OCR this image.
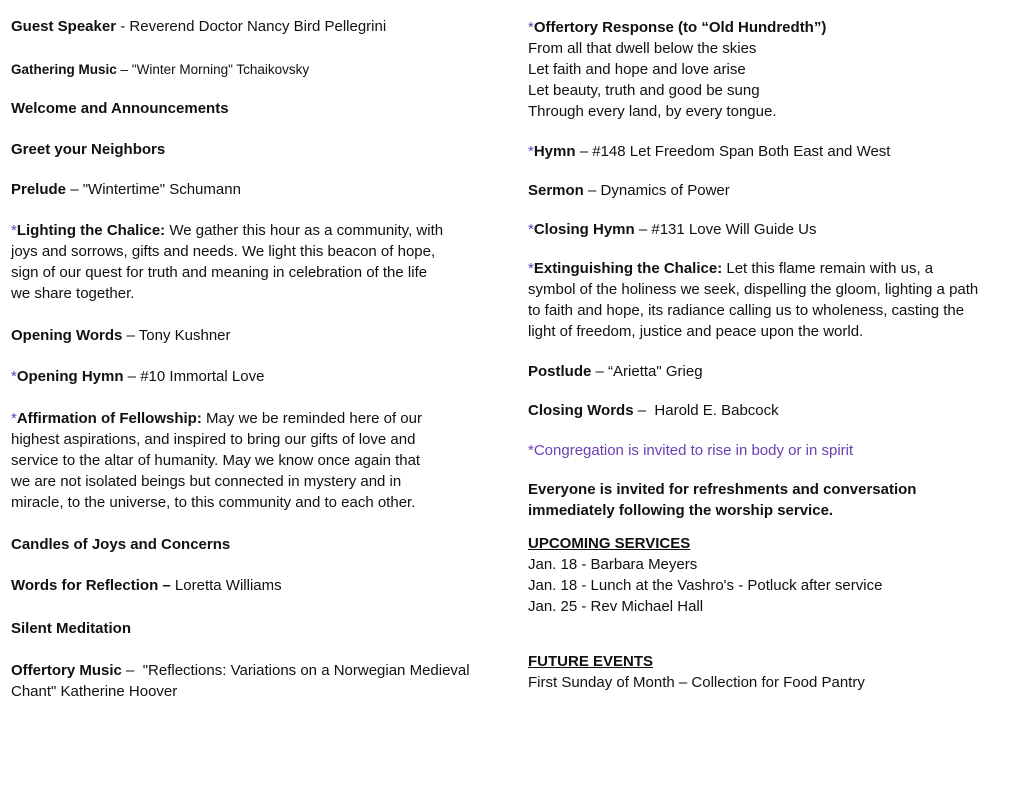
Guest Speaker - Reverend Doctor Nancy Bird Pellegrini
Gathering Music – "Winter Morning" Tchaikovsky
Welcome and Announcements
Greet your Neighbors
Prelude – "Wintertime" Schumann
*Lighting the Chalice: We gather this hour as a community, with
joys and sorrows, gifts and needs. We light this beacon of hope,
sign of our quest for truth and meaning in celebration of the life
we share together.
Opening Words – Tony Kushner
*Opening Hymn – #10 Immortal Love
*Affirmation of Fellowship: May we be reminded here of our
highest aspirations, and inspired to bring our gifts of love and
service to the altar of humanity. May we know once again that
we are not isolated beings but connected in mystery and in
miracle, to the universe, to this community and to each other.
Candles of Joys and Concerns
Words for Reflection – Loretta Williams
Silent Meditation
Offertory Music –  "Reflections: Variations on a Norwegian Medieval
Chant" Katherine Hoover
*Offertory Response (to “Old Hundredth”)
From all that dwell below the skies
Let faith and hope and love arise
Let beauty, truth and good be sung
Through every land, by every tongue.
*Hymn – #148 Let Freedom Span Both East and West
Sermon – Dynamics of Power
*Closing Hymn – #131 Love Will Guide Us
*Extinguishing the Chalice: Let this flame remain with us, a
symbol of the holiness we seek, dispelling the gloom, lighting a path
to faith and hope, its radiance calling us to wholeness, casting the
light of freedom, justice and peace upon the world.
Postlude – “Arietta" Grieg
Closing Words –  Harold E. Babcock
*Congregation is invited to rise in body or in spirit
Everyone is invited for refreshments and conversation
immediately following the worship service.
UPCOMING SERVICES
Jan. 18 - Barbara Meyers
Jan. 18 - Lunch at the Vashro's - Potluck after service
Jan. 25 - Rev Michael Hall
FUTURE EVENTS
First Sunday of Month – Collection for Food Pantry
